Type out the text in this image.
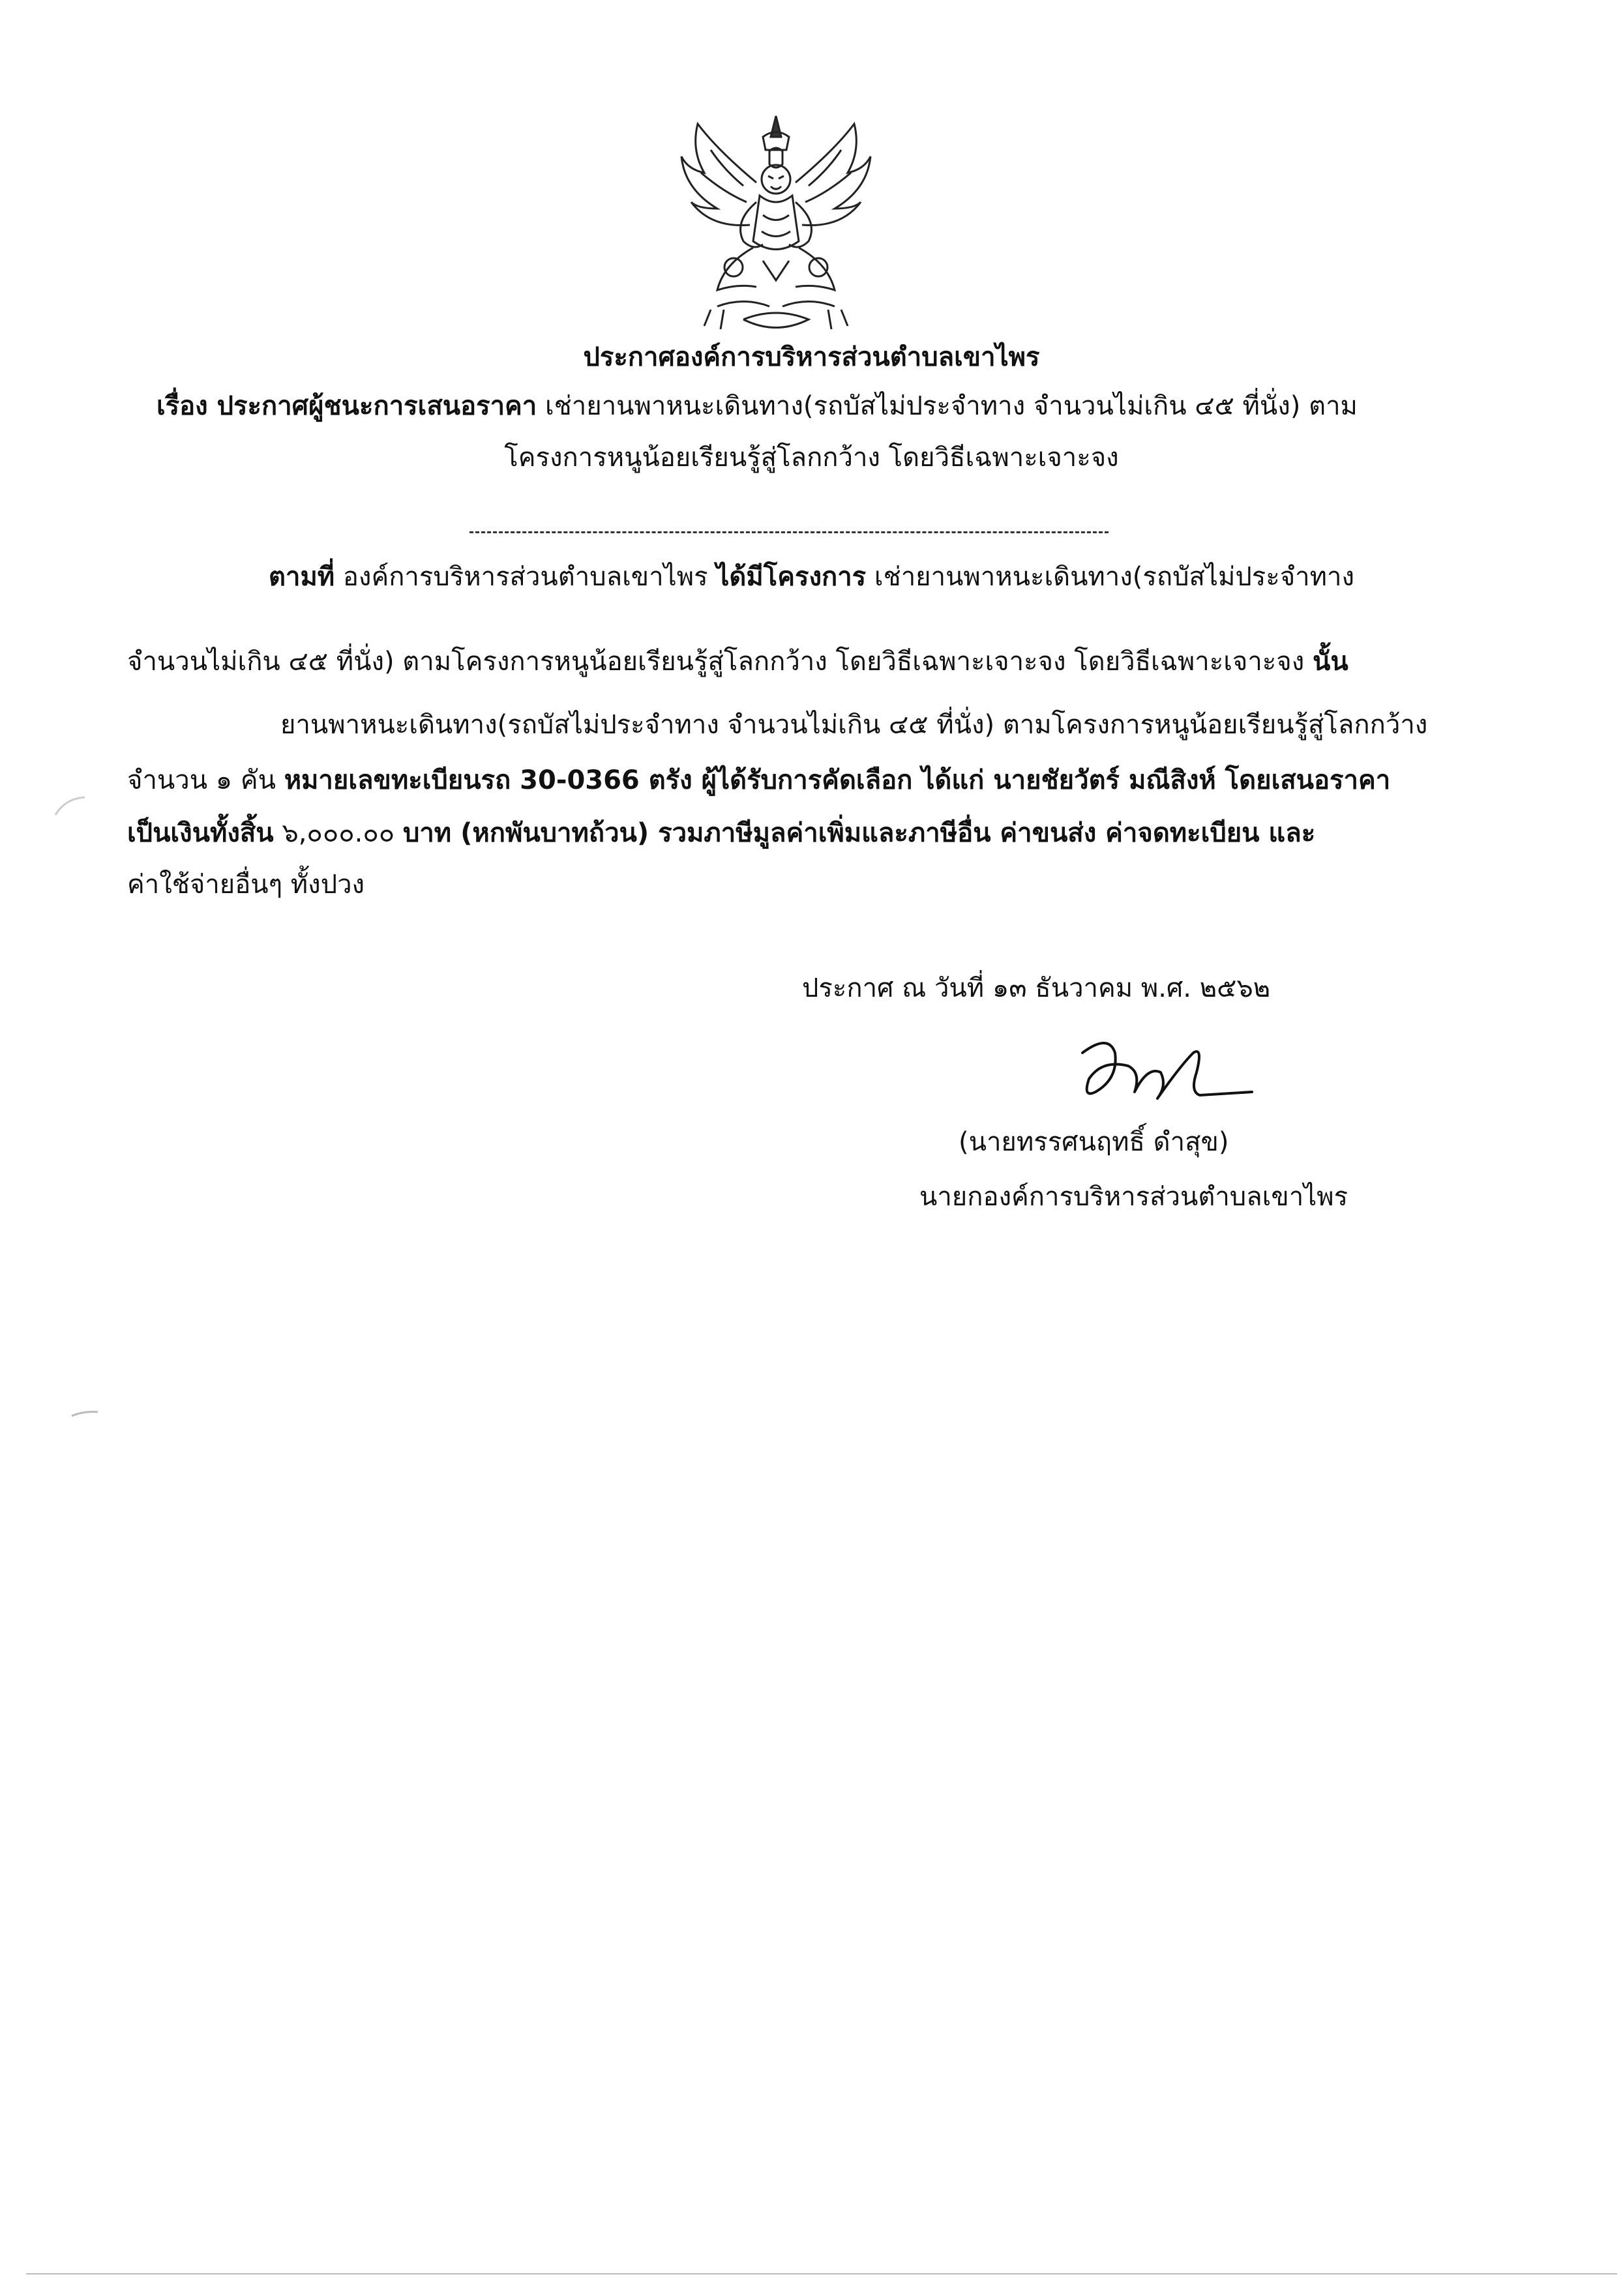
ประกาศองค์การบริหารส่วนตำบลเขาไพร
เรื่อง ประกาศผู้ชนะการเสนอราคา เช่ายานพาหนะเดินทาง(รถบัสไม่ประจำทาง จำนวนไม่เกิน ๔๕ ที่นั่ง) ตาม
โครงการหนูน้อยเรียนรู้สู่โลกกว้าง โดยวิธีเฉพาะเจาะจง
ตามที่ องค์การบริหารส่วนตำบลเขาไพร ได้มีโครงการ เช่ายานพาหนะเดินทาง(รถบัสไม่ประจำทาง
จำนวนไม่เกิน ๔๕ ที่นั่ง) ตามโครงการหนูน้อยเรียนรู้สู่โลกกว้าง โดยวิธีเฉพาะเจาะจง โดยวิธีเฉพาะเจาะจง นั้น
ยานพาหนะเดินทาง(รถบัสไม่ประจำทาง จำนวนไม่เกิน ๔๕ ที่นั่ง) ตามโครงการหนูน้อยเรียนรู้สู่โลกกว้าง
จำนวน ๑ คัน หมายเลขทะเบียนรถ 30-0366 ตรัง ผู้ได้รับการคัดเลือก ได้แก่ นายชัยวัตร์ มณีสิงห์ โดยเสนอราคา
เป็นเงินทั้งสิ้น ๖,๐๐๐.๐๐ บาท (หกพันบาทถ้วน) รวมภาษีมูลค่าเพิ่มและภาษีอื่น ค่าขนส่ง ค่าจดทะเบียน และ
ค่าใช้จ่ายอื่นๆ ทั้งปวง
ประกาศ ณ วันที่ ๑๓ ธันวาคม พ.ศ. ๒๕๖๒
(นายทรรศนฤทธิ์ ดำสุข)
นายกองค์การบริหารส่วนตำบลเขาไพร
